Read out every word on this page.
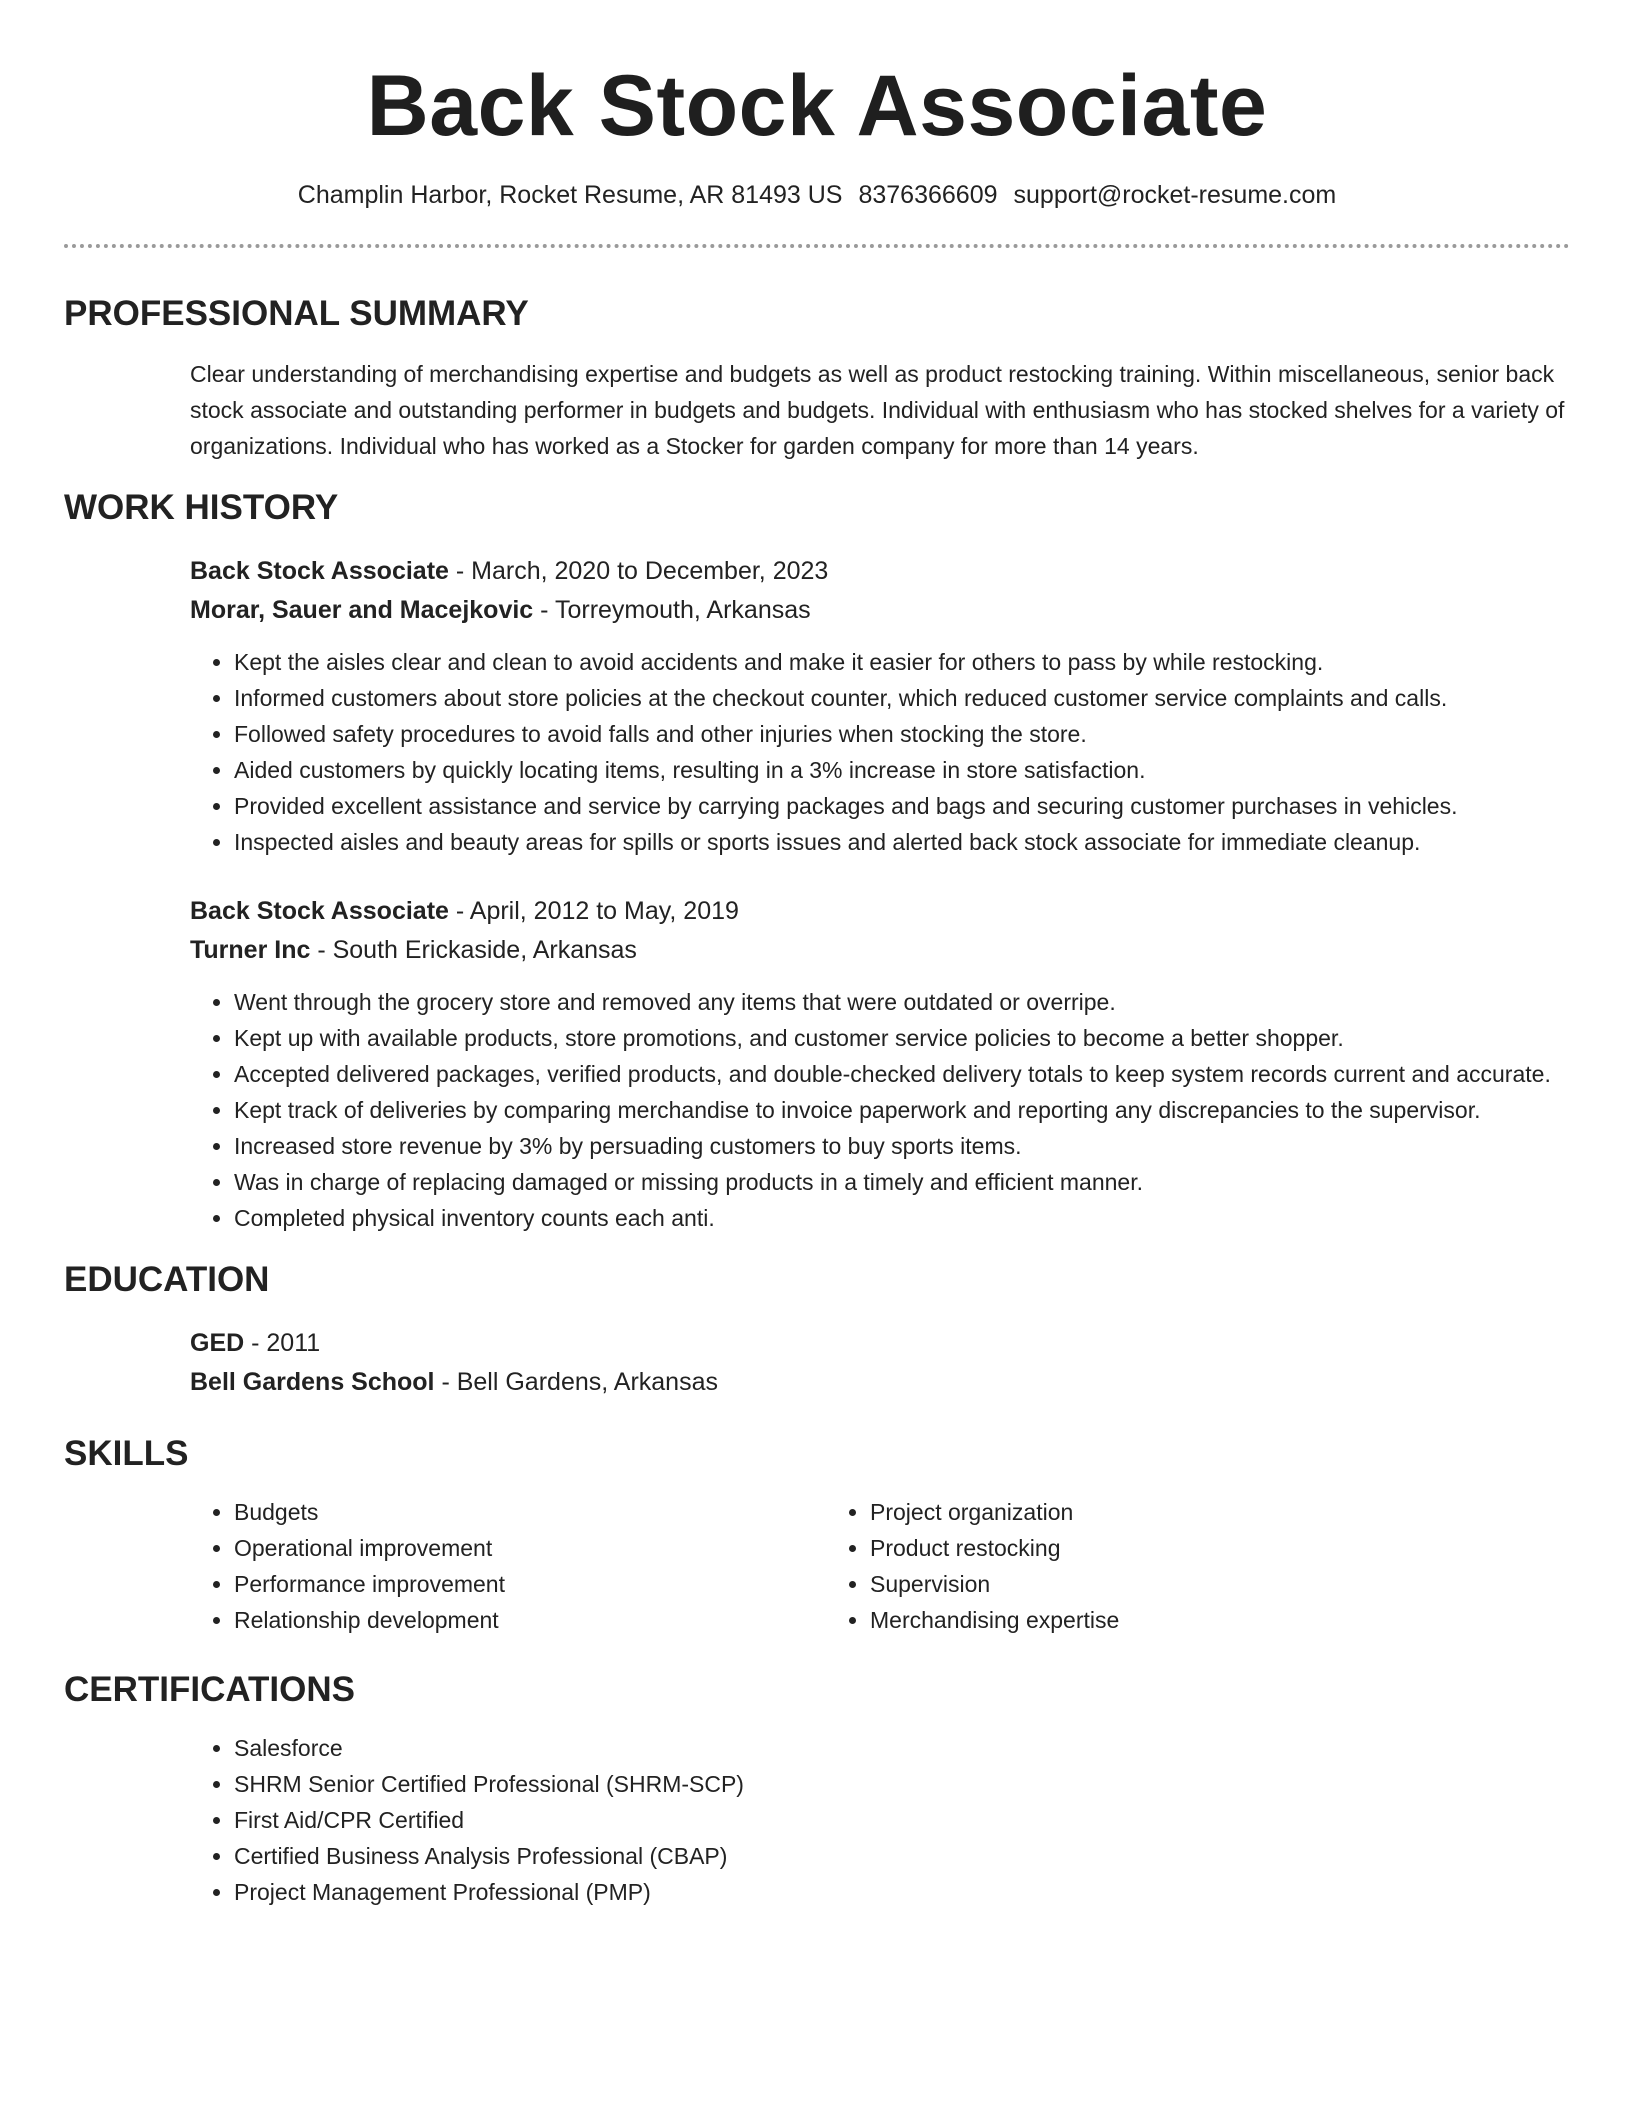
Back Stock Associate
Champlin Harbor, Rocket Resume, AR 81493 US 8376366609 support@rocket-resume.com
PROFESSIONAL SUMMARY

Clear understanding of merchandising expertise and budgets as well as product restocking training. Within miscellaneous, senior back stock associate and outstanding performer in budgets and budgets. Individual with enthusiasm who has stocked shelves for a variety of organizations. Individual who has worked as a Stocker for garden company for more than 14 years.

WORK HISTORY
Back Stock Associate - March, 2020 to December, 2023
Morar, Sauer and Macejkovic - Torreymouth, Arkansas
• Kept the aisles clear and clean to avoid accidents and make it easier for others to pass by while restocking.
• Informed customers about store policies at the checkout counter, which reduced customer service complaints and calls.
• Followed safety procedures to avoid falls and other injuries when stocking the store.
• Aided customers by quickly locating items, resulting in a 3% increase in store satisfaction.
• Provided excellent assistance and service by carrying packages and bags and securing customer purchases in vehicles.
• Inspected aisles and beauty areas for spills or sports issues and alerted back stock associate for immediate cleanup.
Back Stock Associate - April, 2012 to May, 2019
Turner Inc - South Erickaside, Arkansas
• Went through the grocery store and removed any items that were outdated or overripe.
• Kept up with available products, store promotions, and customer service policies to become a better shopper.
• Accepted delivered packages, verified products, and double-checked delivery totals to keep system records current and accurate.
• Kept track of deliveries by comparing merchandise to invoice paperwork and reporting any discrepancies to the supervisor.
• Increased store revenue by 3% by persuading customers to buy sports items.
• Was in charge of replacing damaged or missing products in a timely and efficient manner.
• Completed physical inventory counts each anti.
EDUCATION
GED - 2011
Bell Gardens School - Bell Gardens, Arkansas
SKILLS
• Budgets
• Operational improvement
• Performance improvement
• Relationship development
• Project organization
• Product restocking
• Supervision
• Merchandising expertise
CERTIFICATIONS
• Salesforce
• SHRM Senior Certified Professional (SHRM-SCP)
• First Aid/CPR Certified
• Certified Business Analysis Professional (CBAP)
• Project Management Professional (PMP)
